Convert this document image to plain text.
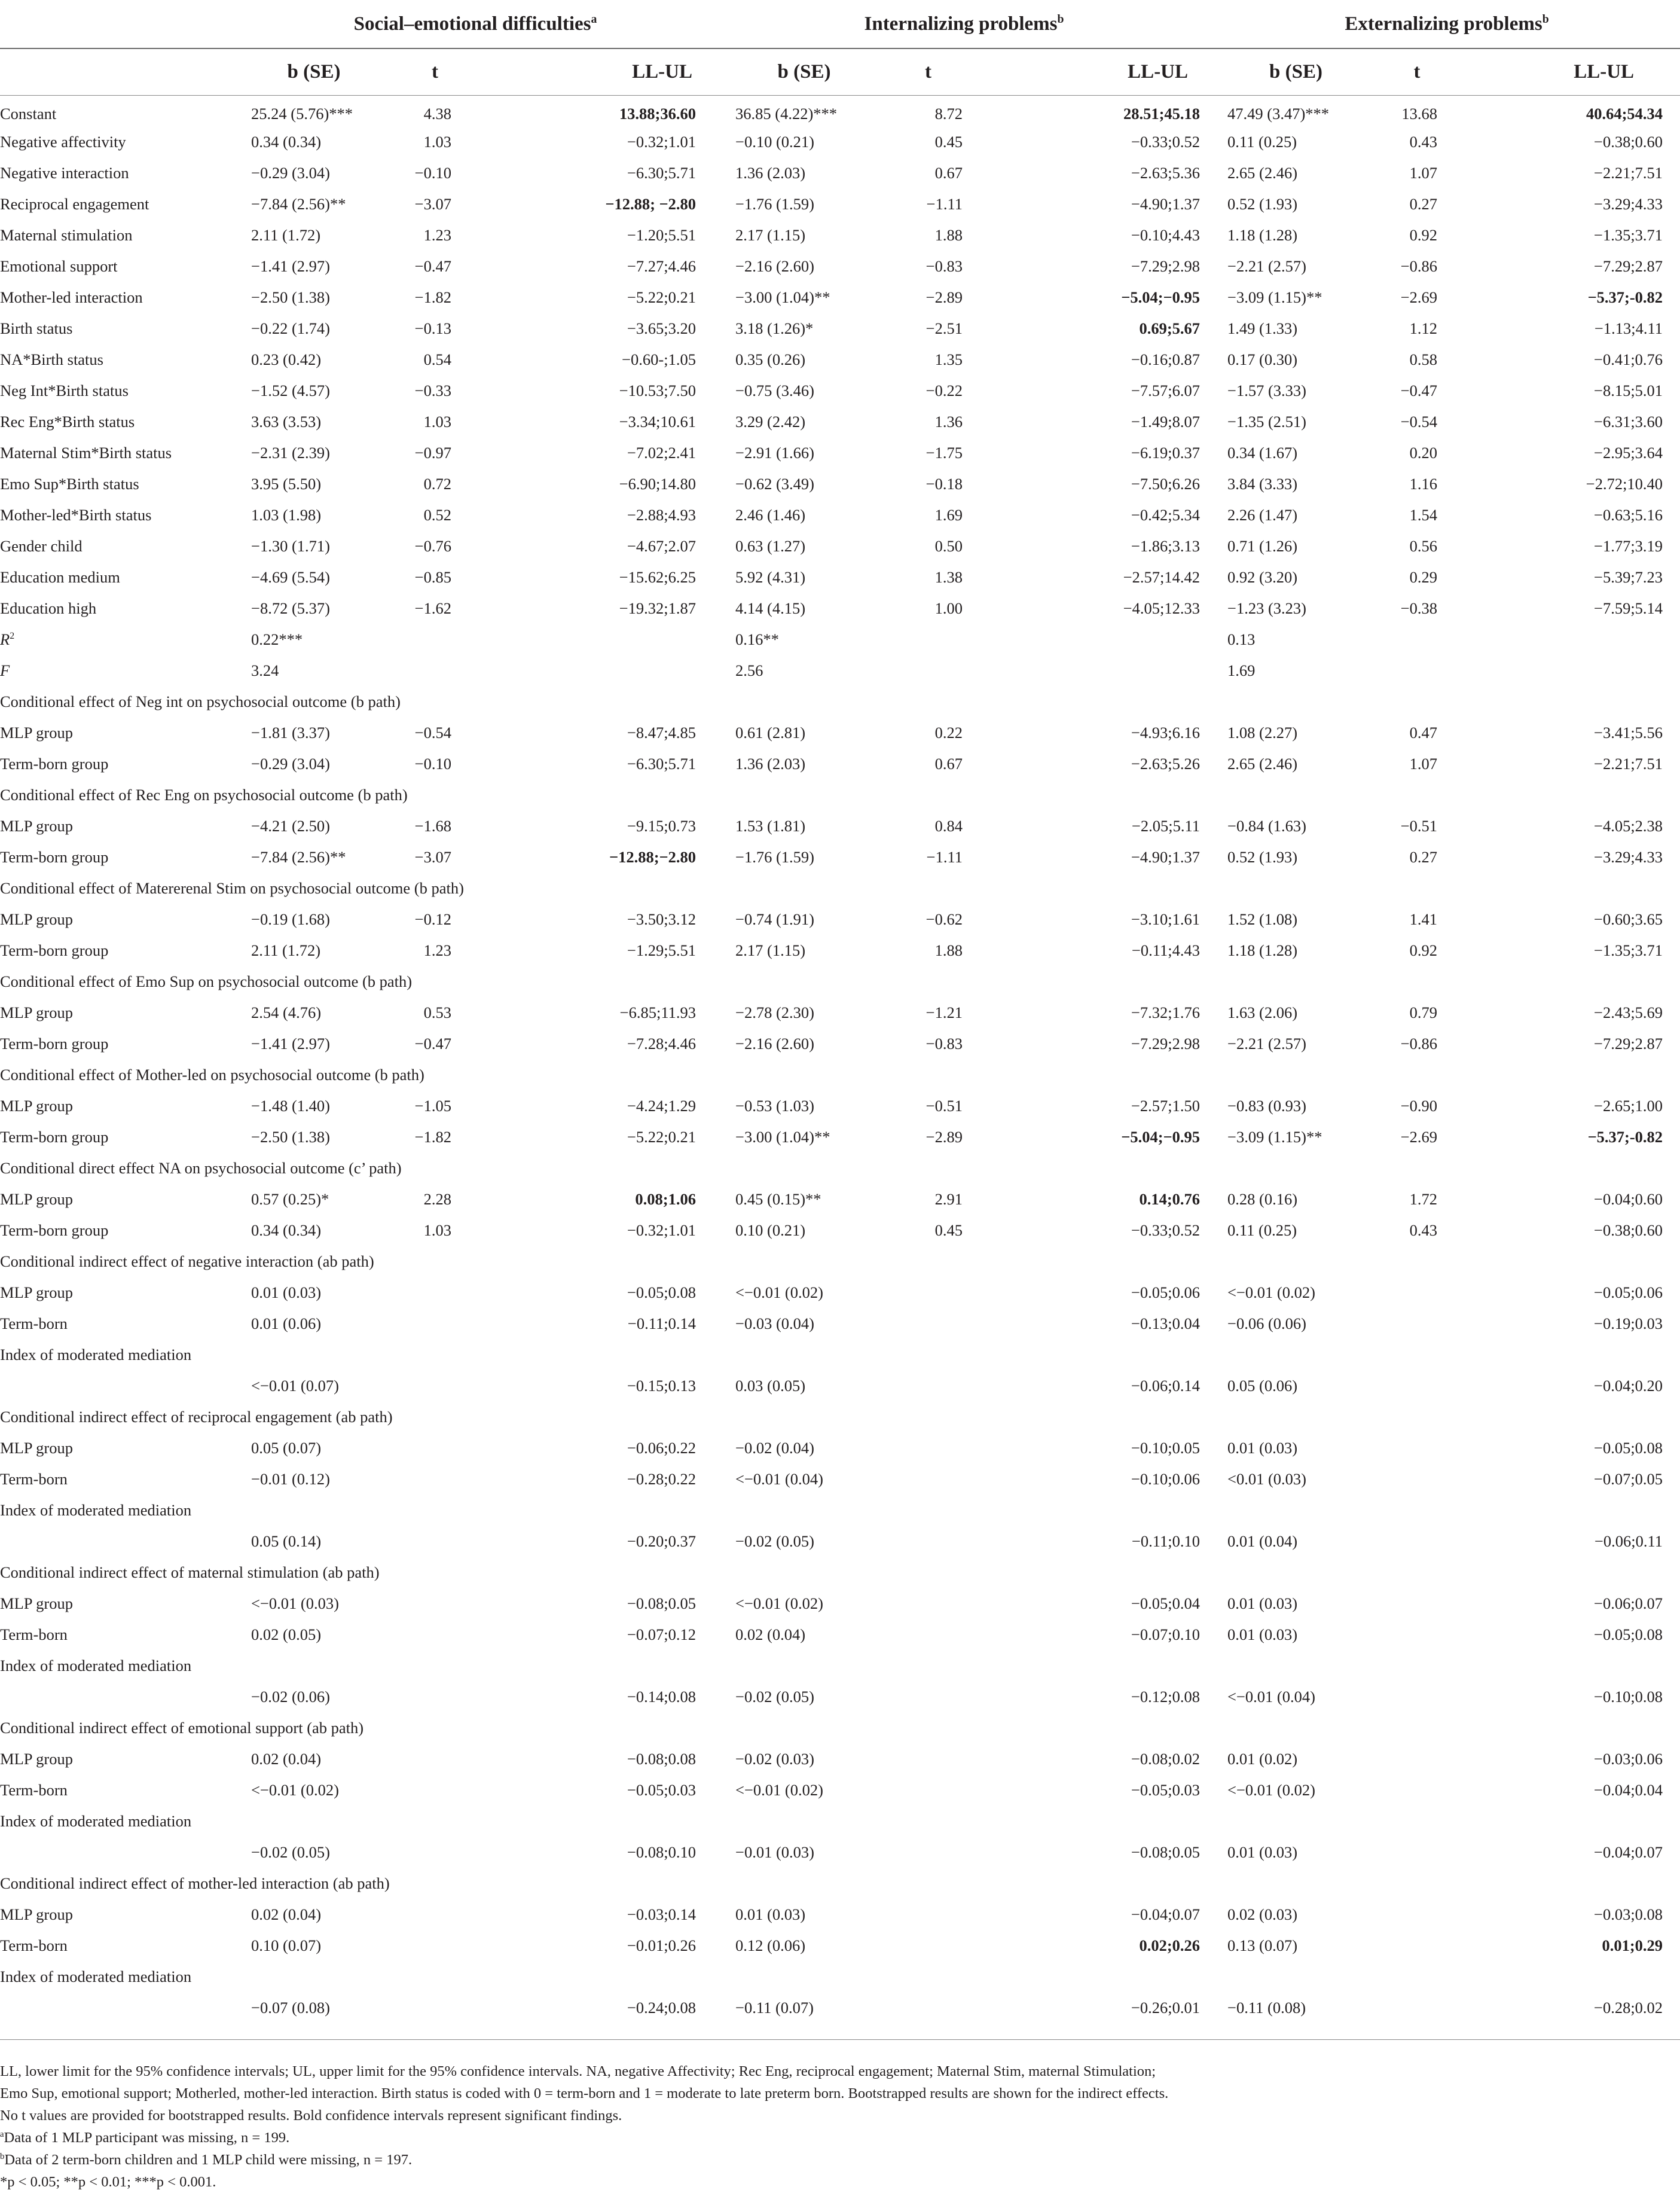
	Social–emotional difficulties$^a$			Internalizing problems$^b$			Externalizing problems$^b$
	b (SE)	t	LL-UL	b (SE)	t	LL-UL	b (SE)	t	LL-UL
Constant	25.24 (5.76)***	4.38	13.88;36.60	36.85 (4.22)***	8.72	28.51;45.18	47.49 (3.47)***	13.68	40.64;54.34
Negative affectivity	0.34 (0.34)	1.03	−0.32;1.01	−0.10 (0.21)	0.45	−0.33;0.52	0.11 (0.25)	0.43	−0.38;0.60
Negative interaction	−0.29 (3.04)	−0.10	−6.30;5.71	1.36 (2.03)	0.67	−2.63;5.36	2.65 (2.46)	1.07	−2.21;7.51
Reciprocal engagement	−7.84 (2.56)**	−3.07	−12.88; −2.80	−1.76 (1.59)	−1.11	−4.90;1.37	0.52 (1.93)	0.27	−3.29;4.33
Maternal stimulation	2.11 (1.72)	1.23	−1.20;5.51	2.17 (1.15)	1.88	−0.10;4.43	1.18 (1.28)	0.92	−1.35;3.71
Emotional support	−1.41 (2.97)	−0.47	−7.27;4.46	−2.16 (2.60)	−0.83	−7.29;2.98	−2.21 (2.57)	−0.86	−7.29;2.87
Mother-led interaction	−2.50 (1.38)	−1.82	−5.22;0.21	−3.00 (1.04)**	−2.89	−5.04;−0.95	−3.09 (1.15)**	−2.69	−5.37;-0.82
Birth status	−0.22 (1.74)	−0.13	−3.65;3.20	3.18 (1.26)*	−2.51	0.69;5.67	1.49 (1.33)	1.12	−1.13;4.11
NA*Birth status	0.23 (0.42)	0.54	−0.60-;1.05	0.35 (0.26)	1.35	−0.16;0.87	0.17 (0.30)	0.58	−0.41;0.76
Neg Int*Birth status	−1.52 (4.57)	−0.33	−10.53;7.50	−0.75 (3.46)	−0.22	−7.57;6.07	−1.57 (3.33)	−0.47	−8.15;5.01
Rec Eng*Birth status	3.63 (3.53)	1.03	−3.34;10.61	3.29 (2.42)	1.36	−1.49;8.07	−1.35 (2.51)	−0.54	−6.31;3.60
Maternal Stim*Birth status	−2.31 (2.39)	−0.97	−7.02;2.41	−2.91 (1.66)	−1.75	−6.19;0.37	0.34 (1.67)	0.20	−2.95;3.64
Emo Sup*Birth status	3.95 (5.50)	0.72	−6.90;14.80	−0.62 (3.49)	−0.18	−7.50;6.26	3.84 (3.33)	1.16	−2.72;10.40
Mother-led*Birth status	1.03 (1.98)	0.52	−2.88;4.93	2.46 (1.46)	1.69	−0.42;5.34	2.26 (1.47)	1.54	−0.63;5.16
Gender child	−1.30 (1.71)	−0.76	−4.67;2.07	0.63 (1.27)	0.50	−1.86;3.13	0.71 (1.26)	0.56	−1.77;3.19
Education medium	−4.69 (5.54)	−0.85	−15.62;6.25	5.92 (4.31)	1.38	−2.57;14.42	0.92 (3.20)	0.29	−5.39;7.23
Education high	−8.72 (5.37)	−1.62	−19.32;1.87	4.14 (4.15)	1.00	−4.05;12.33	−1.23 (3.23)	−0.38	−7.59;5.14
$R^2$	0.22***			0.16**			0.13		
F	3.24			2.56			1.69		
Conditional effect of Neg int on psychosocial outcome (b path)									
MLP group	−1.81 (3.37)	−0.54	−8.47;4.85	0.61 (2.81)	0.22	−4.93;6.16	1.08 (2.27)	0.47	−3.41;5.56
Term-born group	−0.29 (3.04)	−0.10	−6.30;5.71	1.36 (2.03)	0.67	−2.63;5.26	2.65 (2.46)	1.07	−2.21;7.51
Conditional effect of Rec Eng on psychosocial outcome (b path)									
MLP group	−4.21 (2.50)	−1.68	−9.15;0.73	1.53 (1.81)	0.84	−2.05;5.11	−0.84 (1.63)	−0.51	−4.05;2.38
Term-born group	−7.84 (2.56)**	−3.07	−12.88;−2.80	−1.76 (1.59)	−1.11	−4.90;1.37	0.52 (1.93)	0.27	−3.29;4.33
Conditional effect of Matererenal Stim on psychosocial outcome (b path)									
MLP group	−0.19 (1.68)	−0.12	−3.50;3.12	−0.74 (1.91)	−0.62	−3.10;1.61	1.52 (1.08)	1.41	−0.60;3.65
Term-born group	2.11 (1.72)	1.23	−1.29;5.51	2.17 (1.15)	1.88	−0.11;4.43	1.18 (1.28)	0.92	−1.35;3.71
Conditional effect of Emo Sup on psychosocial outcome (b path)									
MLP group	2.54 (4.76)	0.53	−6.85;11.93	−2.78 (2.30)	−1.21	−7.32;1.76	1.63 (2.06)	0.79	−2.43;5.69
Term-born group	−1.41 (2.97)	−0.47	−7.28;4.46	−2.16 (2.60)	−0.83	−7.29;2.98	−2.21 (2.57)	−0.86	−7.29;2.87
Conditional effect of Mother-led on psychosocial outcome (b path)									
MLP group	−1.48 (1.40)	−1.05	−4.24;1.29	−0.53 (1.03)	−0.51	−2.57;1.50	−0.83 (0.93)	−0.90	−2.65;1.00
Term-born group	−2.50 (1.38)	−1.82	−5.22;0.21	−3.00 (1.04)**	−2.89	−5.04;−0.95	−3.09 (1.15)**	−2.69	−5.37;-0.82
Conditional direct effect NA on psychosocial outcome (c’ path)									
MLP group	0.57 (0.25)*	2.28	0.08;1.06	0.45 (0.15)**	2.91	0.14;0.76	0.28 (0.16)	1.72	−0.04;0.60
Term-born group	0.34 (0.34)	1.03	−0.32;1.01	0.10 (0.21)	0.45	−0.33;0.52	0.11 (0.25)	0.43	−0.38;0.60
Conditional indirect effect of negative interaction (ab path)									
MLP group	0.01 (0.03)		−0.05;0.08	<−0.01 (0.02)		−0.05;0.06	<−0.01 (0.02)		−0.05;0.06
Term-born	0.01 (0.06)		−0.11;0.14	−0.03 (0.04)		−0.13;0.04	−0.06 (0.06)		−0.19;0.03
Index of moderated mediation									
	<−0.01 (0.07)		−0.15;0.13	0.03 (0.05)		−0.06;0.14	0.05 (0.06)		−0.04;0.20
Conditional indirect effect of reciprocal engagement (ab path)									
MLP group	0.05 (0.07)		−0.06;0.22	−0.02 (0.04)		−0.10;0.05	0.01 (0.03)		−0.05;0.08
Term-born	−0.01 (0.12)		−0.28;0.22	<−0.01 (0.04)		−0.10;0.06	<0.01 (0.03)		−0.07;0.05
Index of moderated mediation									
	0.05 (0.14)		−0.20;0.37	−0.02 (0.05)		−0.11;0.10	0.01 (0.04)		−0.06;0.11
Conditional indirect effect of maternal stimulation (ab path)									
MLP group	<−0.01 (0.03)		−0.08;0.05	<−0.01 (0.02)		−0.05;0.04	0.01 (0.03)		−0.06;0.07
Term-born	0.02 (0.05)		−0.07;0.12	0.02 (0.04)		−0.07;0.10	0.01 (0.03)		−0.05;0.08
Index of moderated mediation									
	−0.02 (0.06)		−0.14;0.08	−0.02 (0.05)		−0.12;0.08	<−0.01 (0.04)		−0.10;0.08
Conditional indirect effect of emotional support (ab path)									
MLP group	0.02 (0.04)		−0.08;0.08	−0.02 (0.03)		−0.08;0.02	0.01 (0.02)		−0.03;0.06
Term-born	<−0.01 (0.02)		−0.05;0.03	<−0.01 (0.02)		−0.05;0.03	<−0.01 (0.02)		−0.04;0.04
Index of moderated mediation									
	−0.02 (0.05)		−0.08;0.10	−0.01 (0.03)		−0.08;0.05	0.01 (0.03)		−0.04;0.07
Conditional indirect effect of mother-led interaction (ab path)									
MLP group	0.02 (0.04)		−0.03;0.14	0.01 (0.03)		−0.04;0.07	0.02 (0.03)		−0.03;0.08
Term-born	0.10 (0.07)		−0.01;0.26	0.12 (0.06)		0.02;0.26	0.13 (0.07)		0.01;0.29
Index of moderated mediation									
	−0.07 (0.08)		−0.24;0.08	−0.11 (0.07)		−0.26;0.01	−0.11 (0.08)		−0.28;0.02

LL, lower limit for the 95% confidence intervals; UL, upper limit for the 95% confidence intervals. NA, negative Affectivity; Rec Eng, reciprocal engagement; Maternal Stim, maternal Stimulation; Emo Sup, emotional support; Motherled, mother-led interaction. Birth status is coded with 0 = term-born and 1 = moderate to late preterm born. Bootstrapped results are shown for the indirect effects. No t values are provided for bootstrapped results. Bold confidence intervals represent significant findings.

$^a$Data of 1 MLP participant was missing, n = 199.

$^b$Data of 2 term-born children and 1 MLP child were missing, n = 197.

*p < 0.05; **p < 0.01; ***p < 0.001.
